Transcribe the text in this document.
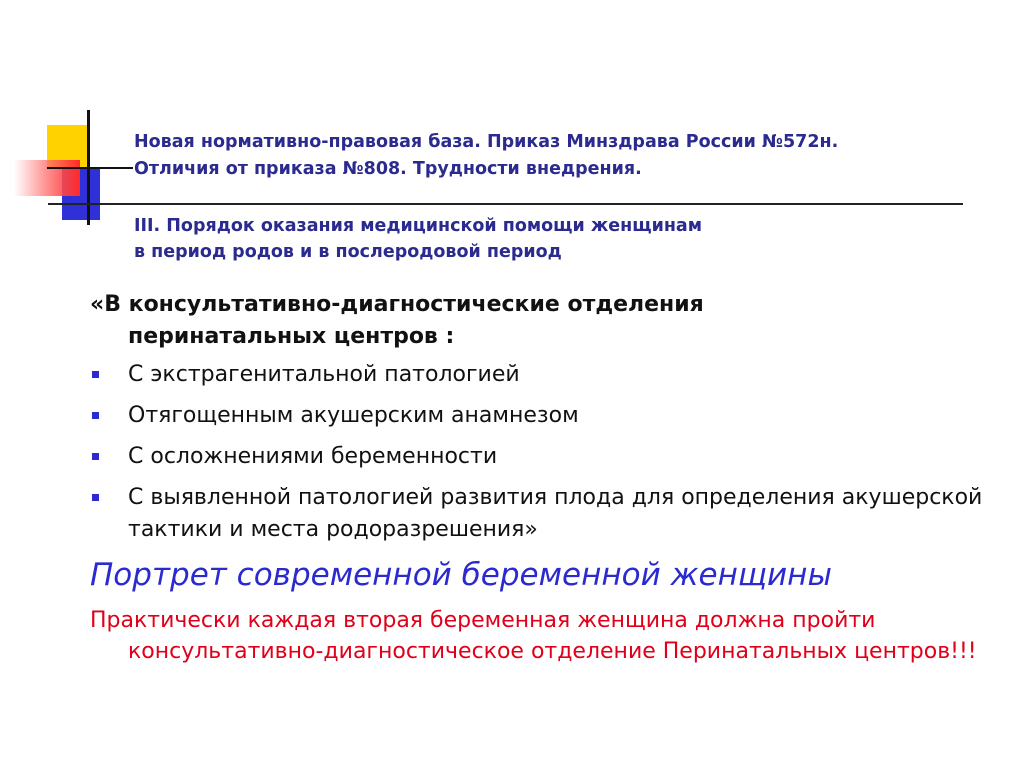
Новая нормативно-правовая база. Приказ Минздрава России №572н.
Отличия от приказа №808. Трудности внедрения.
III. Порядок оказания медицинской помощи женщинам
в период родов и в послеродовой период

«В консультативно-диагностические отделения
перинатальных центров :

С экстрагенитальной патологией
Отягощенным акушерским анамнезом
С осложнениями беременности
С выявленной патологией развития плода для определения акушерской тактики и места родоразрешения»

Портрет современной беременной женщины

Практически каждая вторая беременная женщина должна пройти консультативно-диагностическое отделение Перинатальных центров!!!
